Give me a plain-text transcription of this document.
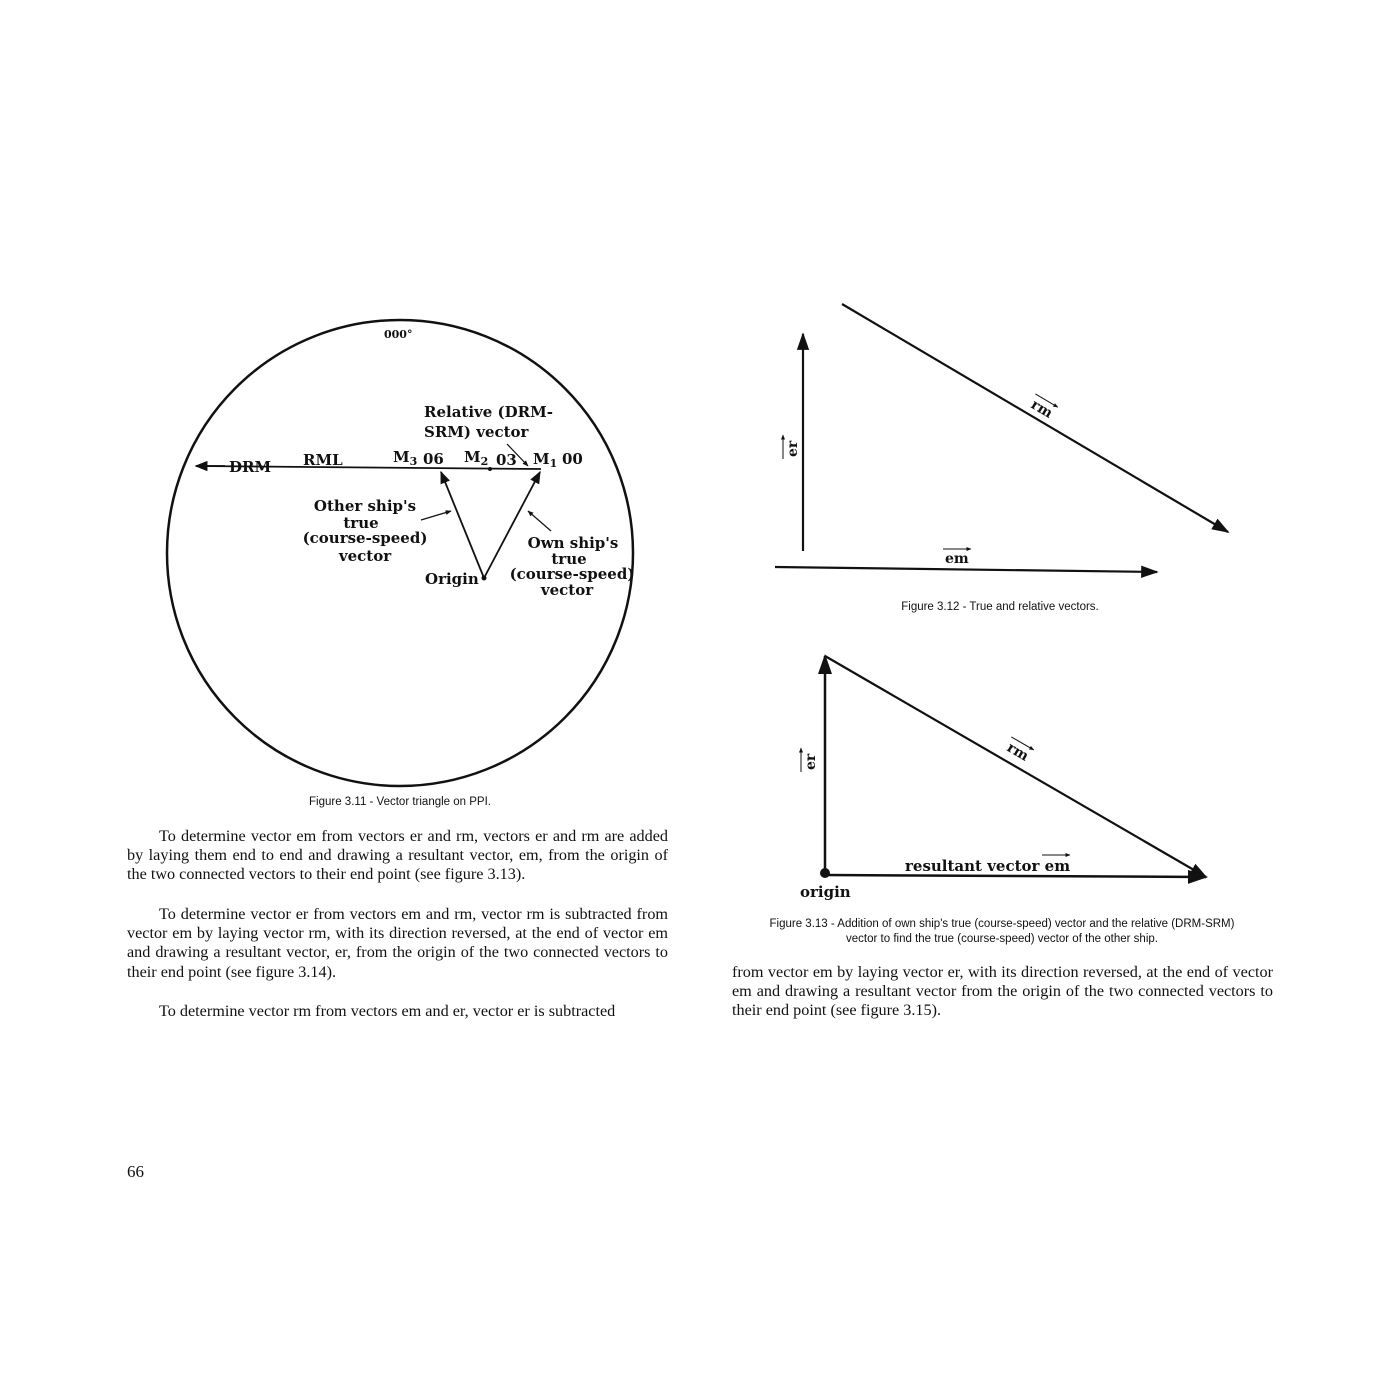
000°
DRM RML	$M_3$ 06 $M_2$ 03 $M_1$ 00
Relative (DRM-
SRM) vector
Origin
Other ship's
true
(course-speed)
vector
Own ship's
true
(course-speed)
vector
er
rm
em
origin
er	rm
resultant vector em
Figure 3.11 - Vector triangle on PPI.
Figure 3.12 - True and relative vectors.
Figure 3.13 - Addition of own ship's true (course-speed) vector and the relative (DRM-SRM)
vector to find the true (course-speed) vector of the other ship.

To determine vector em from vectors er and rm, vectors er and rm are added by laying them end to end and drawing a resultant vector, em, from the origin of the two connected vectors to their end point (see figure 3.13).

To determine vector er from vectors em and rm, vector rm is subtracted from vector em by laying vector rm, with its direction reversed, at the end of vector em and drawing a resultant vector, er, from the origin of the two connected vectors to their end point (see figure 3.14).

To determine vector rm from vectors em and er, vector er is subtracted

from vector em by laying vector er, with its direction reversed, at the end of vector em and drawing a resultant vector from the origin of the two connected vectors to their end point (see figure 3.15).

66
